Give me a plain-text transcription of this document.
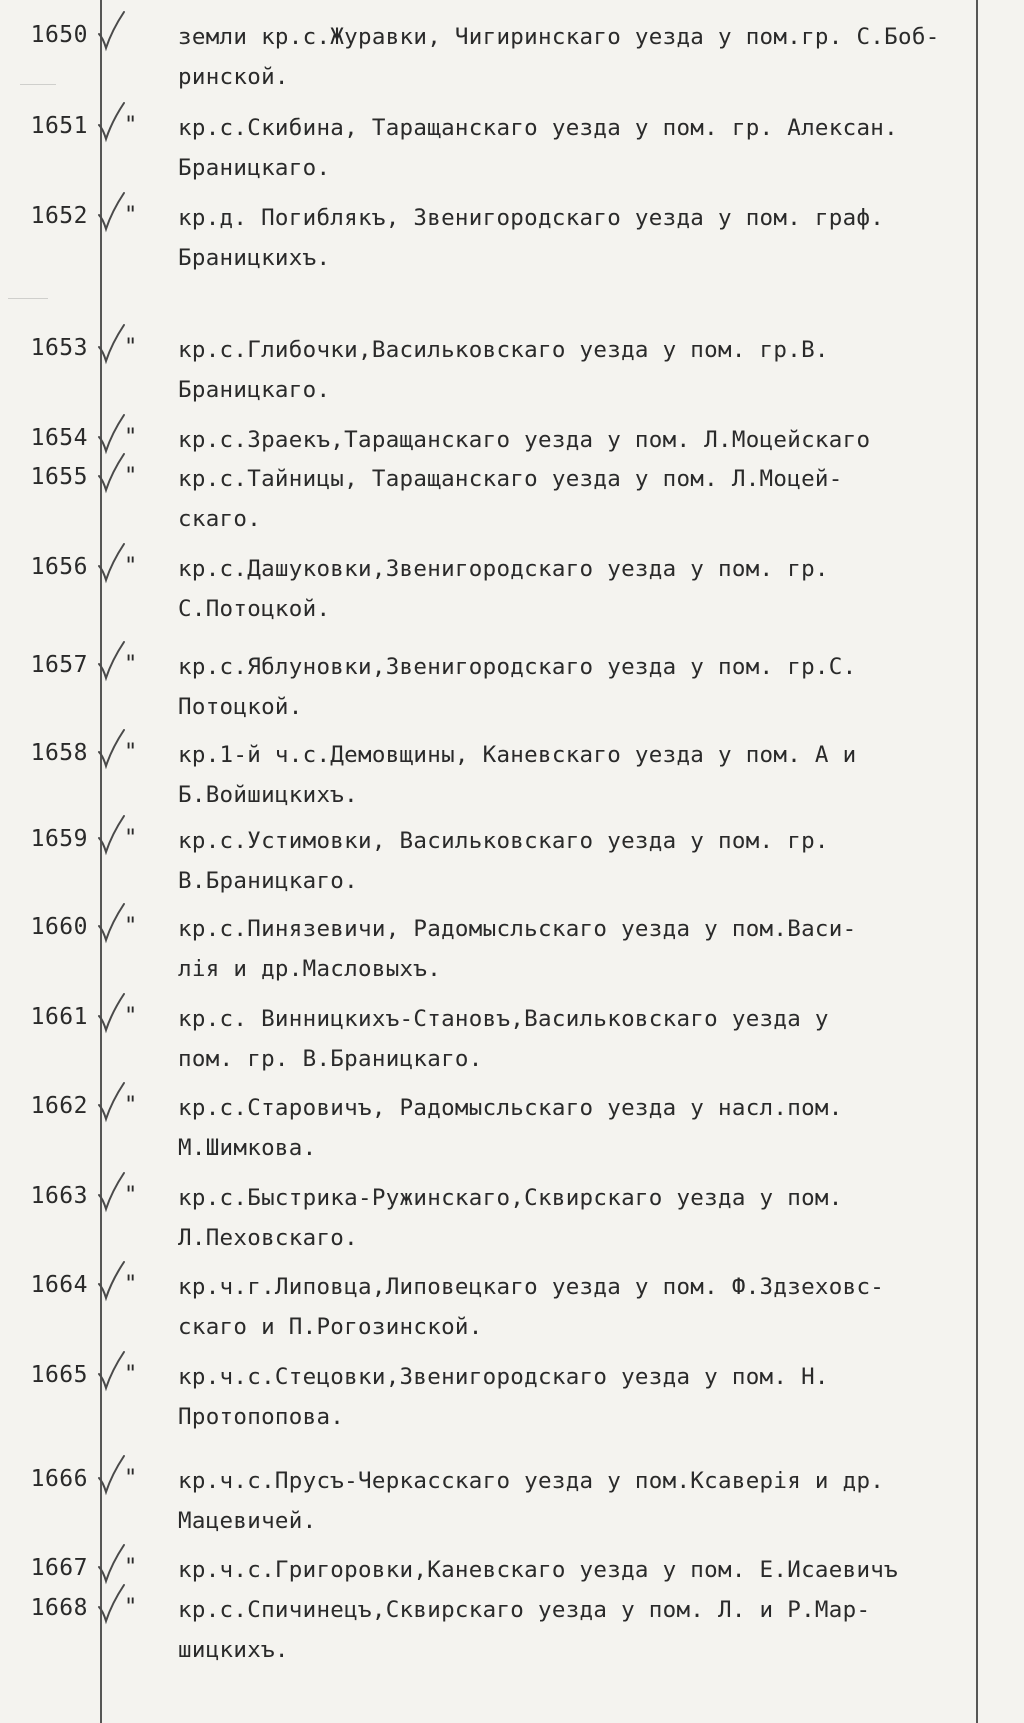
1650	земли кр.с.Журавки, Чигиринскаго уезда у пом.гр. С.Боб-
ринской.
1651 " кр.с.Скибина, Таращанскаго уезда у пом. гр. Алексан.
Браницкаго.
1652 " кр.д. Погиблякъ, Звенигородскаго уезда у пом. граф.
Браницкихъ.
1653 " кр.с.Глибочки,Васильковскаго уезда у пом. гр.В.
Браницкаго.
1654 " кр.с.Зраекъ,Таращанскаго уезда у пом. Л.Моцейскаго
1655 " кр.с.Тайницы, Таращанскаго уезда у пом. Л.Моцей-
скаго.
1656 " кр.с.Дашуковки,Звенигородскаго уезда у пом. гр.
С.Потоцкой.
1657 " кр.с.Яблуновки,Звенигородскаго уезда у пом. гр.С.
Потоцкой.
1658 " кр.1-й ч.с.Демовщины, Каневскаго уезда у пом. А и
Б.Войшицкихъ.
1659 " кр.с.Устимовки, Васильковскаго уезда у пом. гр.
В.Браницкаго.
1660 " кр.с.Пинязевичи, Радомысльскаго уезда у пом.Васи-
лія и др.Масловыхъ.
1661 " кр.с. Винницкихъ-Становъ,Васильковскаго уезда у
пом. гр. В.Браницкаго.
1662 " кр.с.Старовичъ, Радомысльскаго уезда у насл.пом.
М.Шимкова.
1663 " кр.с.Быстрика-Ружинскаго,Сквирскаго уезда у пом.
Л.Пеховскаго.
1664 " кр.ч.г.Липовца,Липовецкаго уезда у пом. Ф.Здзеховс-
скаго и П.Рогозинской.
1665 " кр.ч.с.Стецовки,Звенигородскаго уезда у пом. Н.
Протопопова.
1666 " кр.ч.с.Прусъ-Черкасскаго уезда у пом.Ксаверія и др.
Мацевичей.
1667 " кр.ч.с.Григоровки,Каневскаго уезда у пом. Е.Исаевичъ
1668 " кр.с.Спичинецъ,Сквирскаго уезда у пом. Л. и Р.Мар-
шицкихъ.
